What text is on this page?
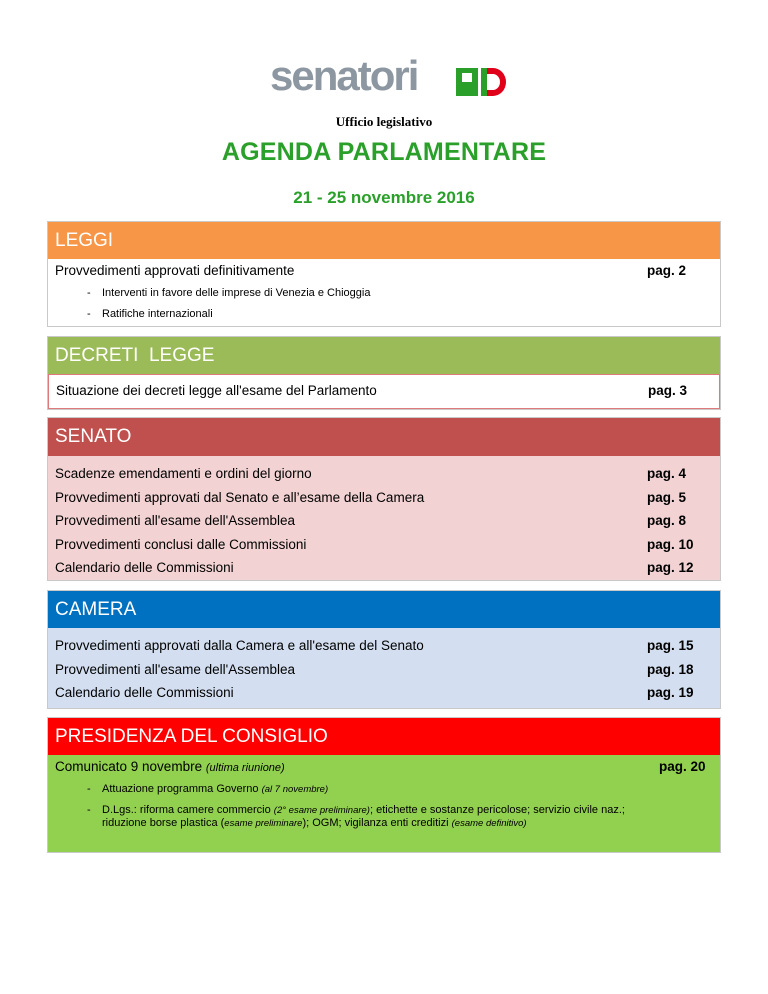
senatori
Ufficio legislativo
AGENDA PARLAMENTARE
21 - 25 novembre 2016
LEGGI
Provvedimenti approvati definitivamente	pag. 2
- Interventi in favore delle imprese di Venezia e Chioggia
- Ratifiche internazionali
DECRETI  LEGGE
Situazione dei decreti legge all'esame del Parlamento	pag. 3
SENATO
Scadenze emendamenti e ordini del giorno	pag. 4
Provvedimenti approvati dal Senato e all’esame della Camera	pag. 5
Provvedimenti all'esame dell'Assemblea	pag. 8
Provvedimenti conclusi dalle Commissioni	pag. 10
Calendario delle Commissioni	pag. 12
CAMERA
Provvedimenti approvati dalla Camera e all'esame del Senato	pag. 15
Provvedimenti all'esame dell'Assemblea	pag. 18
Calendario delle Commissioni	pag. 19
PRESIDENZA DEL CONSIGLIO
Comunicato 9 novembre (ultima riunione)	pag. 20
- Attuazione programma Governo (al 7 novembre)
- D.Lgs.: riforma camere commercio (2° esame preliminare); etichette e sostanze pericolose; servizio civile naz.; riduzione borse plastica (esame preliminare); OGM; vigilanza enti creditizi (esame definitivo)
